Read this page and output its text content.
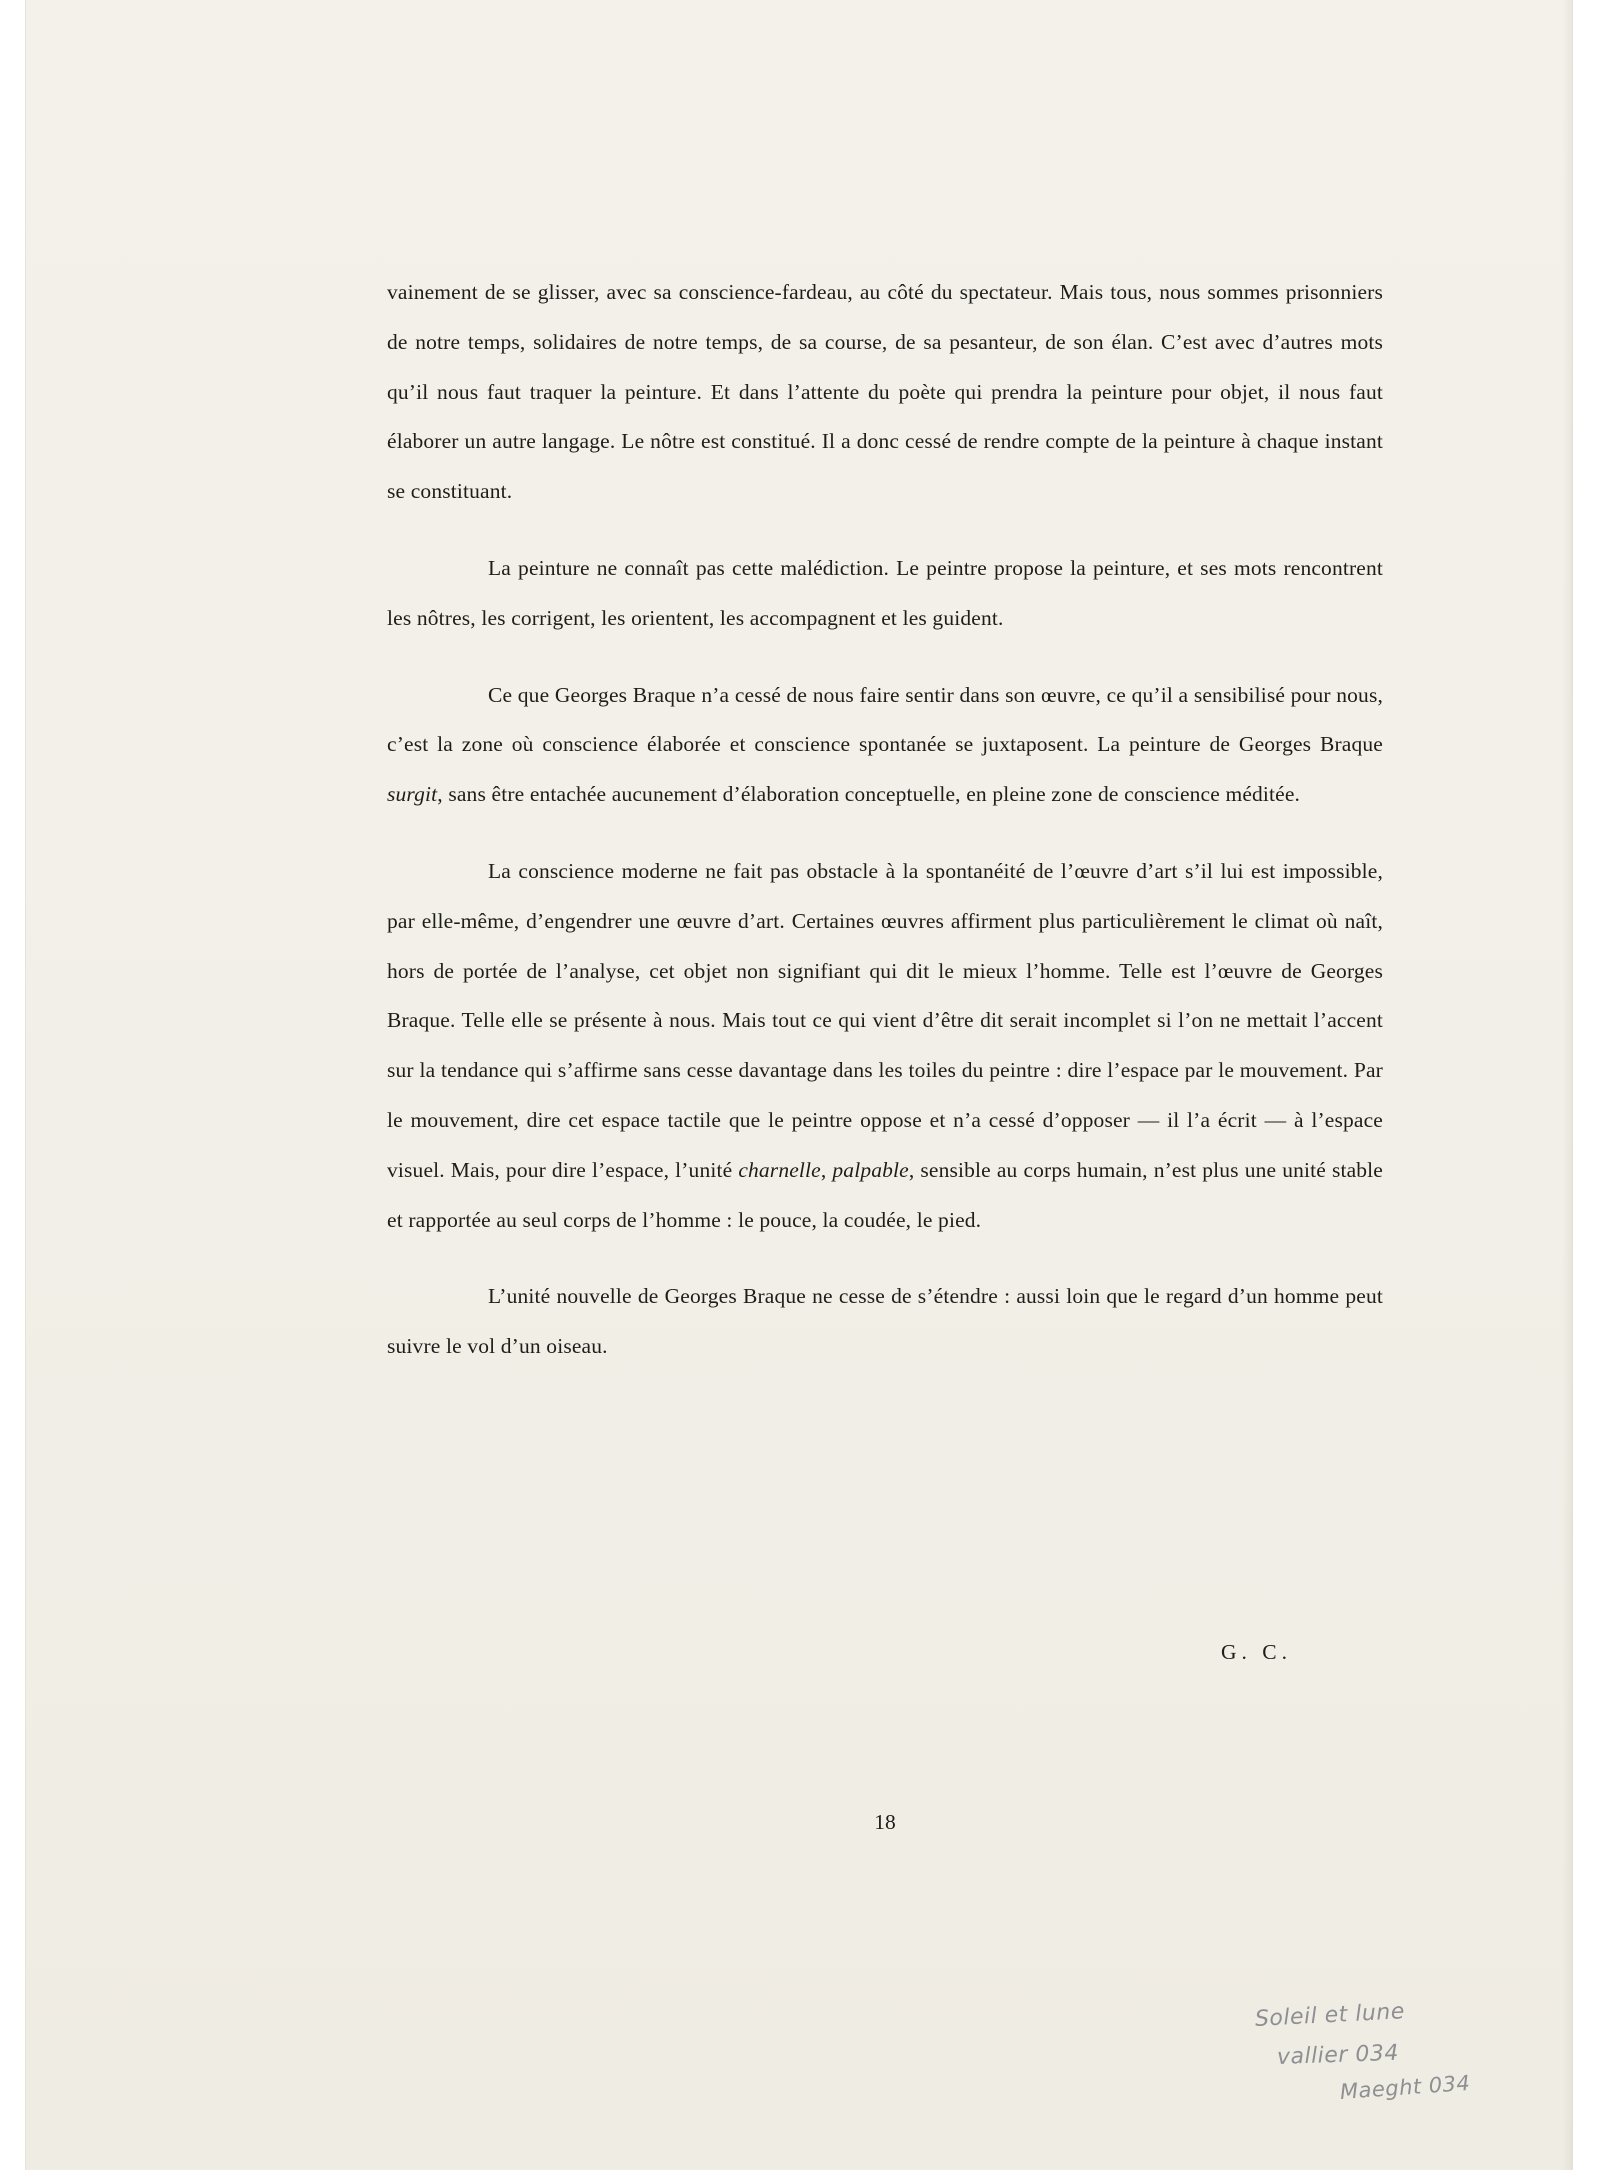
vainement de se glisser, avec sa conscience-fardeau, au côté du spectateur. Mais tous, nous sommes prisonniers de notre temps, solidaires de notre temps, de sa course, de sa pesanteur, de son élan. C’est avec d’autres mots qu’il nous faut traquer la peinture. Et dans l’attente du poète qui prendra la peinture pour objet, il nous faut élaborer un autre langage. Le nôtre est constitué. Il a donc cessé de rendre compte de la peinture à chaque instant se constituant.

La peinture ne connaît pas cette malédiction. Le peintre propose la peinture, et ses mots rencontrent les nôtres, les corrigent, les orientent, les accompagnent et les guident.

Ce que Georges Braque n’a cessé de nous faire sentir dans son œuvre, ce qu’il a sensibilisé pour nous, c’est la zone où conscience élaborée et conscience spontanée se juxtaposent. La peinture de Georges Braque surgit, sans être entachée aucunement d’élaboration conceptuelle, en pleine zone de conscience méditée.

La conscience moderne ne fait pas obstacle à la spontanéité de l’œuvre d’art s’il lui est impossible, par elle-même, d’engendrer une œuvre d’art. Certaines œuvres affirment plus particulièrement le climat où naît, hors de portée de l’analyse, cet objet non signifiant qui dit le mieux l’homme. Telle est l’œuvre de Georges Braque. Telle elle se présente à nous. Mais tout ce qui vient d’être dit serait incomplet si l’on ne mettait l’accent sur la tendance qui s’affirme sans cesse davantage dans les toiles du peintre : dire l’espace par le mouvement. Par le mouvement, dire cet espace tactile que le peintre oppose et n’a cessé d’opposer — il l’a écrit — à l’espace visuel. Mais, pour dire l’espace, l’unité charnelle, palpable, sensible au corps humain, n’est plus une unité stable et rapportée au seul corps de l’homme : le pouce, la coudée, le pied.

L’unité nouvelle de Georges Braque ne cesse de s’étendre : aussi loin que le regard d’un homme peut suivre le vol d’un oiseau.

G. C.
18
Soleil et lune
vallier 034
Maeght 034
